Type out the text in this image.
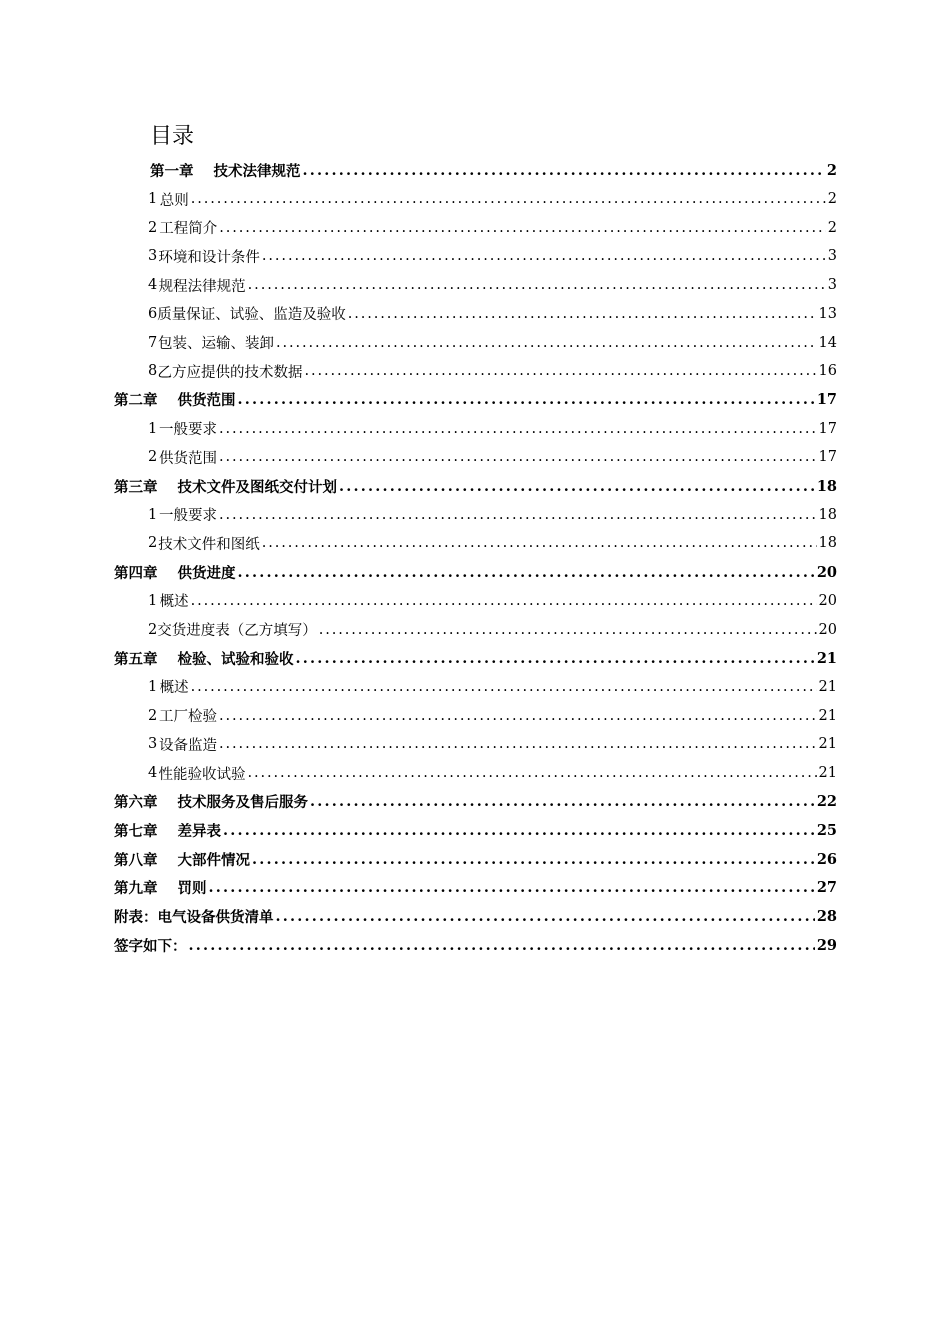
目录
第一章 技术法律规范 .....	2
1 总则 .....	2
2 工程简介 .....	2
3 环境和设计条件 .....	3
4 规程法律规范 .....	3
6 质量保证、试验、监造及验收 .....	13
7 包装、运输、装卸 .....	14
8 乙方应提供的技术数据 .....	16
第二章 供货范围 .....	17
1 一般要求 .....	17
2 供货范围 .....	17
第三章 技术文件及图纸交付计划 .....	18
1 一般要求 .....	18
2 技术文件和图纸 .....	18
第四章 供货进度 .....	20
1 概述 .....	20
2 交货进度表（乙方填写） .....	20
第五章 检验、试验和验收 .....	21
1 概述 .....	21
2 工厂检验 .....	21
3 设备监造 .....	21
4 性能验收试验 .....	21
第六章 技术服务及售后服务 .....	22
第七章 差异表 .....	25
第八章 大部件情况 .....	26
第九章 罚则 .....	27
附表：电气设备供货清单 .....	28
签字如下： .....	29
